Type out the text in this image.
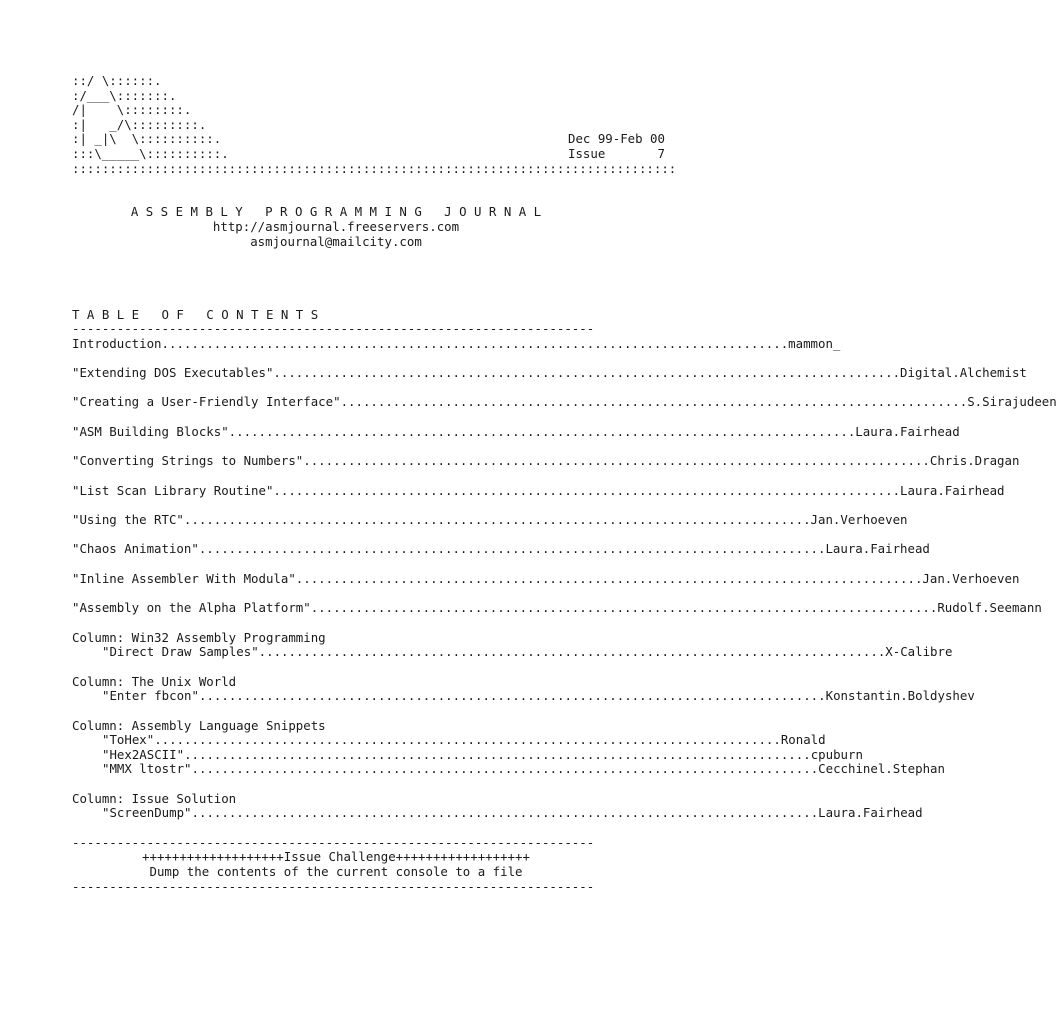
::/ \::::::.
:/___\:::::::.
/|    \::::::::.
:|   _/\:::::::::.
:| _|\  \::::::::::.
:::\_____\::::::::::.
Dec 99-Feb 00
Issue	7
:::::::::::::::::::::::::::::::::::::::::::::::::::::::::::::::::::::::::::::::::
A S S E M B L Y   P R O G R A M M I N G   J O U R N A L
http://asmjournal.freeservers.com
asmjournal@mailcity.com
T A B L E   O F   C O N T E N T S
----------------------------------------------------------------------
Introduction .................................................................................... mammon_
"Extending DOS Executables" .................................................................................... Digital.Alchemist
"Creating a User-Friendly Interface" .................................................................................... S.Sirajudeen
"ASM Building Blocks" .................................................................................... Laura.Fairhead
"Converting Strings to Numbers" .................................................................................... Chris.Dragan
"List Scan Library Routine" .................................................................................... Laura.Fairhead
"Using the RTC" .................................................................................... Jan.Verhoeven
"Chaos Animation" .................................................................................... Laura.Fairhead
"Inline Assembler With Modula" .................................................................................... Jan.Verhoeven
"Assembly on the Alpha Platform" .................................................................................... Rudolf.Seemann
Column: Win32 Assembly Programming
"Direct Draw Samples" .................................................................................... X-Calibre
Column: The Unix World
"Enter fbcon" .................................................................................... Konstantin.Boldyshev
Column: Assembly Language Snippets
"ToHex" .................................................................................... Ronald
"Hex2ASCII" .................................................................................... cpuburn
"MMX ltostr" .................................................................................... Cecchinel.Stephan
Column: Issue Solution
"ScreenDump" .................................................................................... Laura.Fairhead
----------------------------------------------------------------------
+++++++++++++++++++Issue Challenge++++++++++++++++++
Dump the contents of the current console to a file
----------------------------------------------------------------------
